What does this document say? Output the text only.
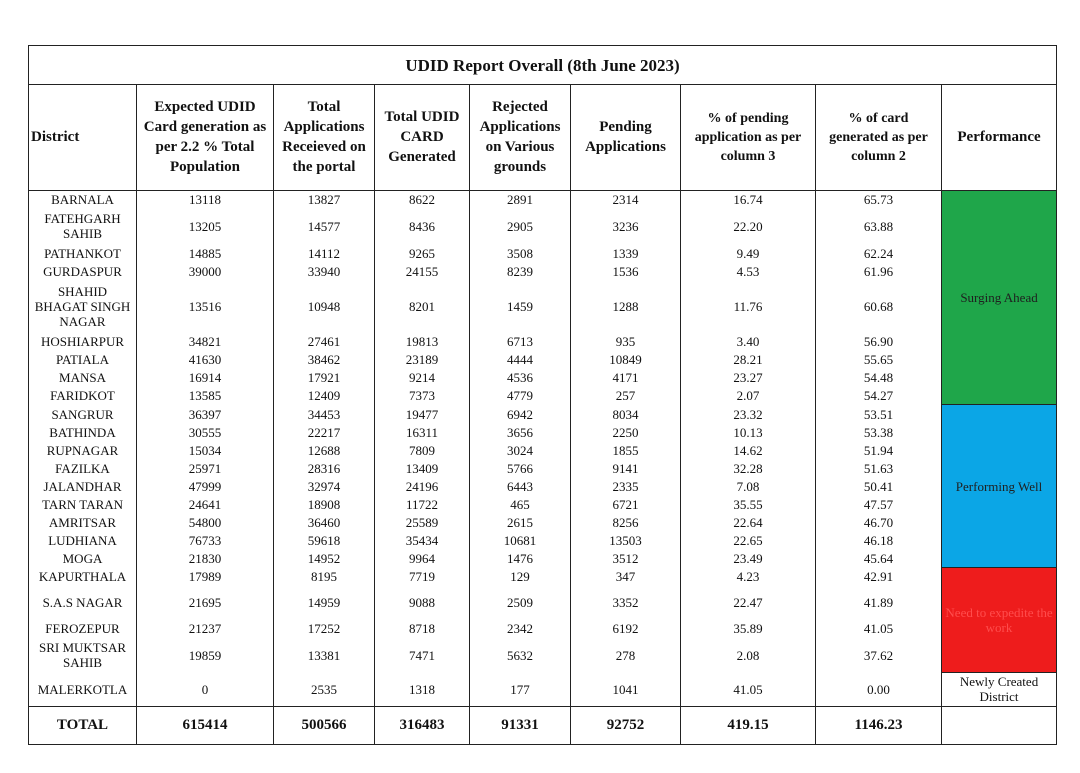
UDID Report Overall (8th June 2023)								
District	Expected UDID Card generation as per 2.2 % Total Population	Total Applications Receieved on the portal	Total UDID CARD Generated	Rejected Applications on Various grounds	Pending Applications	% of pending application as per column 3	% of card generated as per column 2	Performance
BARNALA	13118	13827	8622	2891	2314	16.74	65.73	Surging Ahead
FATEHGARH SAHIB	13205	14577	8436	2905	3236	22.20	63.88	
PATHANKOT	14885	14112	9265	3508	1339	9.49	62.24	
GURDASPUR	39000	33940	24155	8239	1536	4.53	61.96	
SHAHID BHAGAT SINGH NAGAR	13516	10948	8201	1459	1288	11.76	60.68	
HOSHIARPUR	34821	27461	19813	6713	935	3.40	56.90	
PATIALA	41630	38462	23189	4444	10849	28.21	55.65	
MANSA	16914	17921	9214	4536	4171	23.27	54.48	
FARIDKOT	13585	12409	7373	4779	257	2.07	54.27	
SANGRUR	36397	34453	19477	6942	8034	23.32	53.51	Performing Well
BATHINDA	30555	22217	16311	3656	2250	10.13	53.38	
RUPNAGAR	15034	12688	7809	3024	1855	14.62	51.94	
FAZILKA	25971	28316	13409	5766	9141	32.28	51.63	
JALANDHAR	47999	32974	24196	6443	2335	7.08	50.41	
TARN TARAN	24641	18908	11722	465	6721	35.55	47.57	
AMRITSAR	54800	36460	25589	2615	8256	22.64	46.70	
LUDHIANA	76733	59618	35434	10681	13503	22.65	46.18	
MOGA	21830	14952	9964	1476	3512	23.49	45.64	
KAPURTHALA	17989	8195	7719	129	347	4.23	42.91	Need to expedite the work
S.A.S NAGAR	21695	14959	9088	2509	3352	22.47	41.89	
FEROZEPUR	21237	17252	8718	2342	6192	35.89	41.05	
SRI MUKTSAR SAHIB	19859	13381	7471	5632	278	2.08	37.62	
MALERKOTLA	0	2535	1318	177	1041	41.05	0.00	Newly Created District
TOTAL	615414	500566	316483	91331	92752	419.15	1146.23	
